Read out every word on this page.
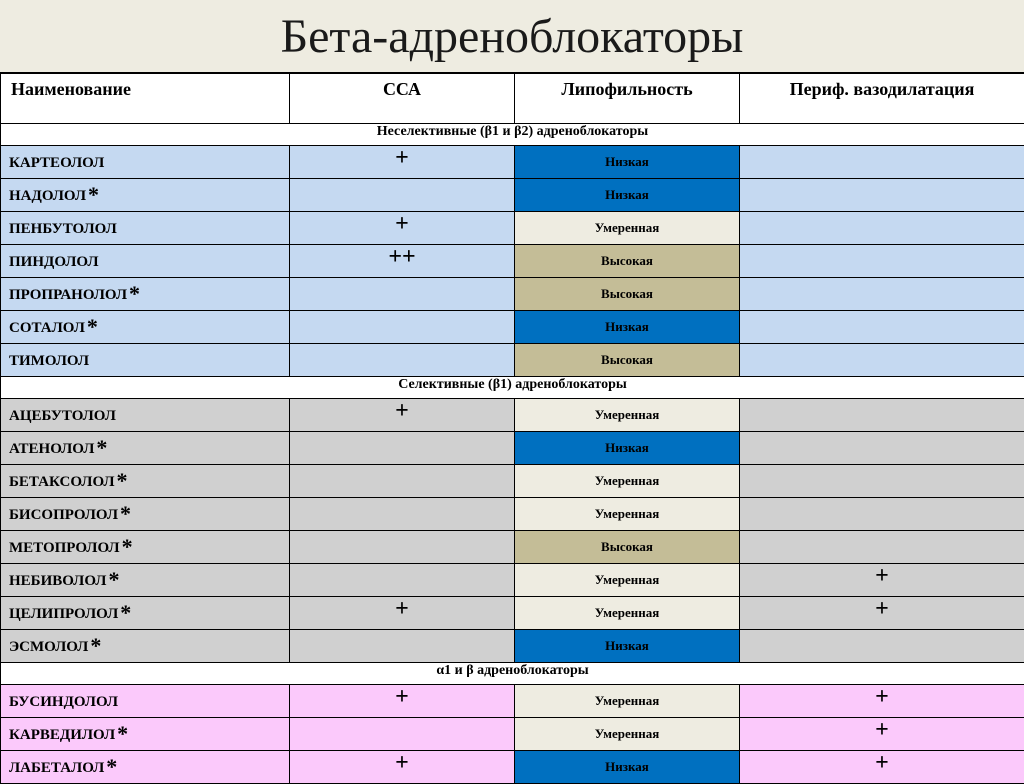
Бета-адреноблокаторы
Наименование	ССА	Липофильность	Периф. вазодилатация
Неселективные (β1 и β2) адреноблокаторы			
КАРТЕОЛОЛ	+	Низкая	
НАДОЛОЛ*		Низкая	
ПЕНБУТОЛОЛ	+	Умеренная	
ПИНДОЛОЛ	++	Высокая	
ПРОПРАНОЛОЛ*		Высокая	
СОТАЛОЛ*		Низкая	
ТИМОЛОЛ		Высокая	
Селективные (β1) адреноблокаторы			
АЦЕБУТОЛОЛ	+	Умеренная	
АТЕНОЛОЛ*		Низкая	
БЕТАКСОЛОЛ*		Умеренная	
БИСОПРОЛОЛ*		Умеренная	
МЕТОПРОЛОЛ*		Высокая	
НЕБИВОЛОЛ*		Умеренная	+
ЦЕЛИПРОЛОЛ*	+	Умеренная	+
ЭСМОЛОЛ*		Низкая	
α1 и β адреноблокаторы			
БУСИНДОЛОЛ	+	Умеренная	+
КАРВЕДИЛОЛ*		Умеренная	+
ЛАБЕТАЛОЛ*	+	Низкая	+
